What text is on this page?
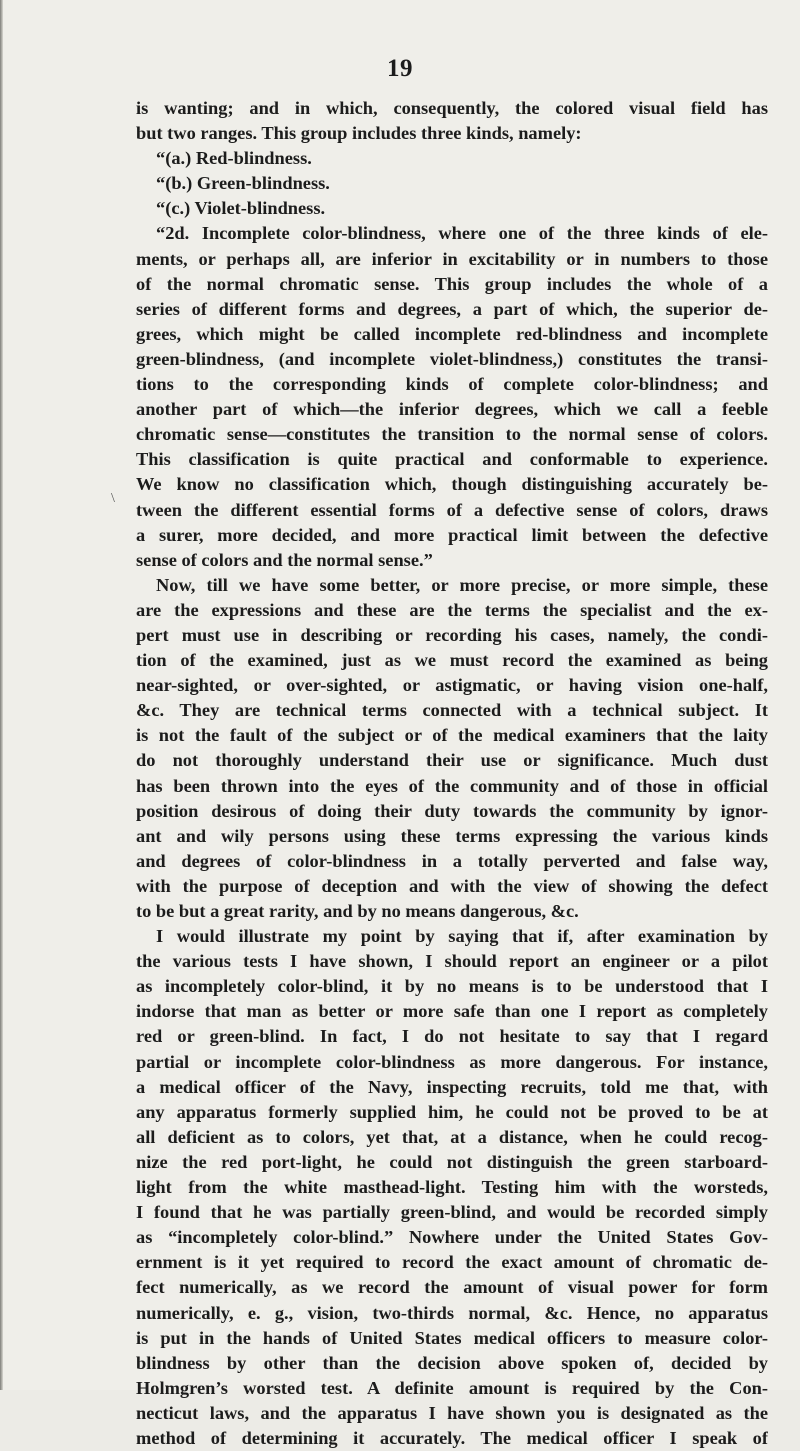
19
\
is wanting; and in which, consequently, the colored visual field has
but two ranges. This group includes three kinds, namely:
“(a.) Red-blindness.
“(b.) Green-blindness.
“(c.) Violet-blindness.
“2d. Incomplete color-blindness, where one of the three kinds of ele-
ments, or perhaps all, are inferior in excitability or in numbers to those
of the normal chromatic sense. This group includes the whole of a
series of different forms and degrees, a part of which, the superior de-
grees, which might be called incomplete red-blindness and incomplete
green-blindness, (and incomplete violet-blindness,) constitutes the transi-
tions to the corresponding kinds of complete color-blindness; and
another part of which—the inferior degrees, which we call a feeble
chromatic sense—constitutes the transition to the normal sense of colors.
This classification is quite practical and conformable to experience.
We know no classification which, though distinguishing accurately be-
tween the different essential forms of a defective sense of colors, draws
a surer, more decided, and more practical limit between the defective
sense of colors and the normal sense.”
Now, till we have some better, or more precise, or more simple, these
are the expressions and these are the terms the specialist and the ex-
pert must use in describing or recording his cases, namely, the condi-
tion of the examined, just as we must record the examined as being
near-sighted, or over-sighted, or astigmatic, or having vision one-half,
&c. They are technical terms connected with a technical subject. It
is not the fault of the subject or of the medical examiners that the laity
do not thoroughly understand their use or significance. Much dust
has been thrown into the eyes of the community and of those in official
position desirous of doing their duty towards the community by ignor-
ant and wily persons using these terms expressing the various kinds
and degrees of color-blindness in a totally perverted and false way,
with the purpose of deception and with the view of showing the defect
to be but a great rarity, and by no means dangerous, &c.
I would illustrate my point by saying that if, after examination by
the various tests I have shown, I should report an engineer or a pilot
as incompletely color-blind, it by no means is to be understood that I
indorse that man as better or more safe than one I report as completely
red or green-blind. In fact, I do not hesitate to say that I regard
partial or incomplete color-blindness as more dangerous. For instance,
a medical officer of the Navy, inspecting recruits, told me that, with
any apparatus formerly supplied him, he could not be proved to be at
all deficient as to colors, yet that, at a distance, when he could recog-
nize the red port-light, he could not distinguish the green starboard-
light from the white masthead-light. Testing him with the worsteds,
I found that he was partially green-blind, and would be recorded simply
as “incompletely color-blind.” Nowhere under the United States Gov-
ernment is it yet required to record the exact amount of chromatic de-
fect numerically, as we record the amount of visual power for form
numerically, e. g., vision, two-thirds normal, &c. Hence, no apparatus
is put in the hands of United States medical officers to measure color-
blindness by other than the decision above spoken of, decided by
Holmgren’s worsted test. A definite amount is required by the Con-
necticut laws, and the apparatus I have shown you is designated as the
method of determining it accurately. The medical officer I speak of
